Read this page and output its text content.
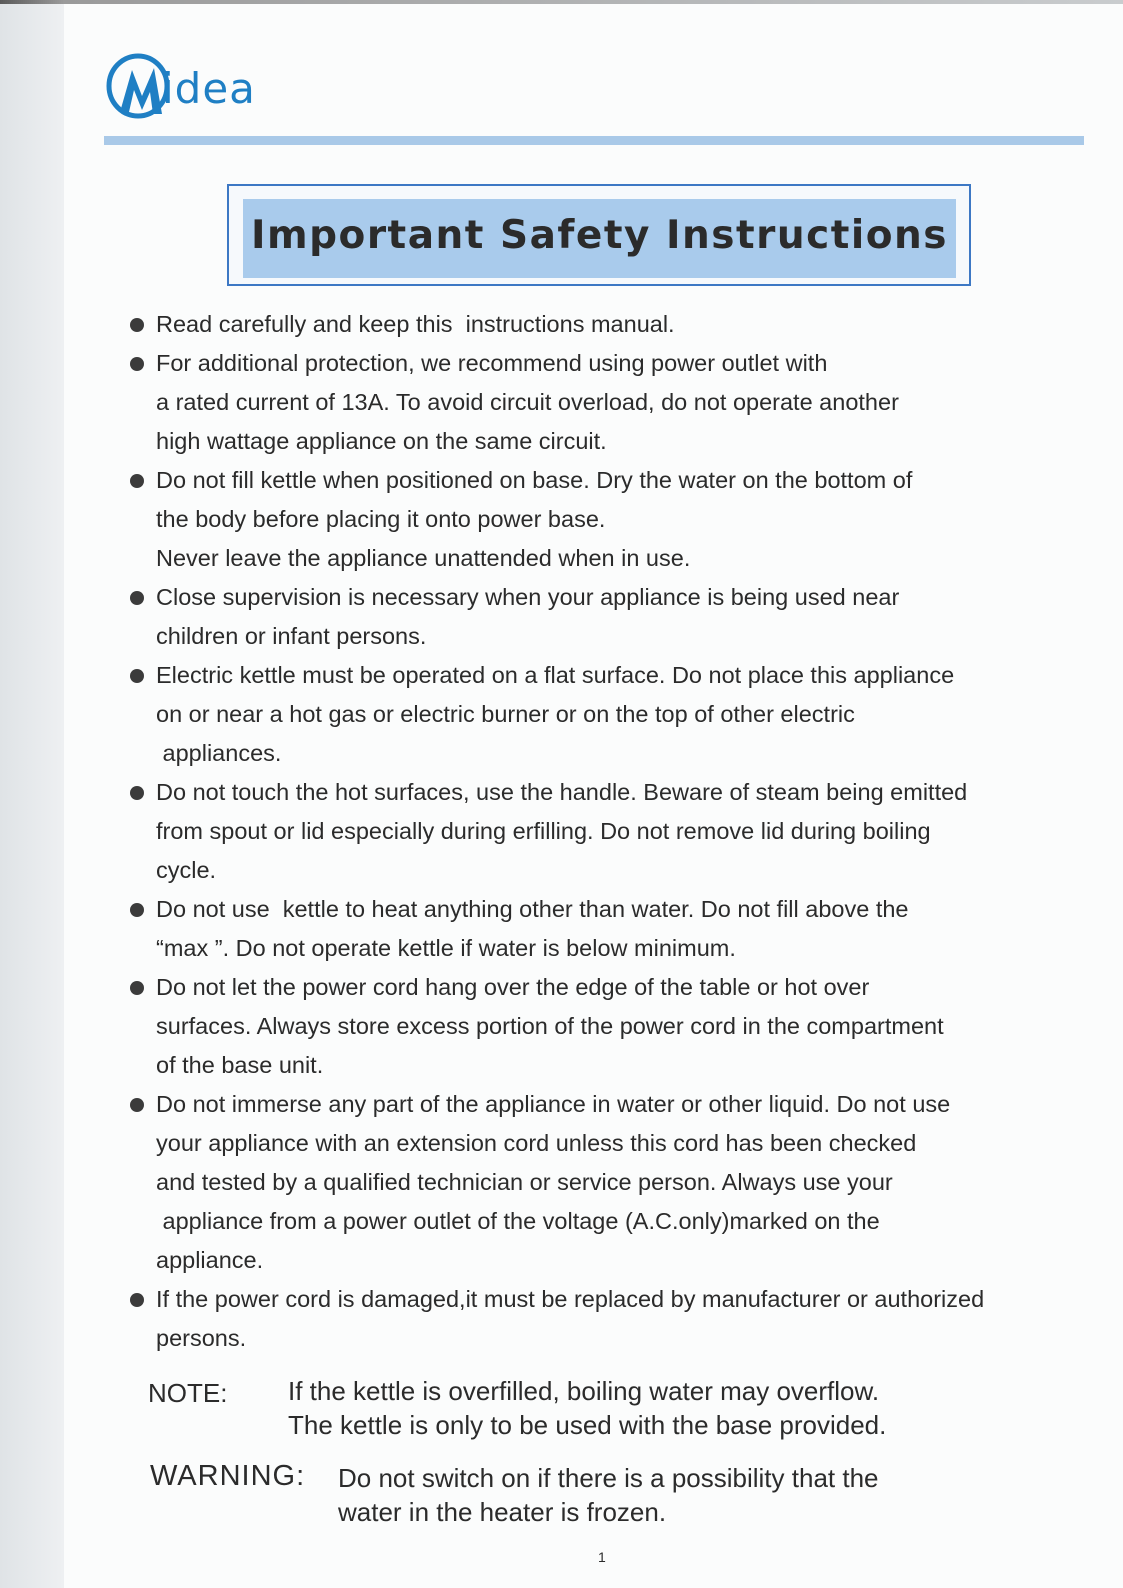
idea
Important Safety Instructions
Read carefully and keep this  instructions manual.
For additional protection, we recommend using power outlet with
a rated current of 13A. To avoid circuit overload, do not operate another
high wattage appliance on the same circuit.
Do not fill kettle when positioned on base. Dry the water on the bottom of
the body before placing it onto power base.
Never leave the appliance unattended when in use.
Close supervision is necessary when your appliance is being used near
children or infant persons.
Electric kettle must be operated on a flat surface. Do not place this appliance
on or near a hot gas or electric burner or on the top of other electric
appliances.
Do not touch the hot surfaces, use the handle. Beware of steam being emitted
from spout or lid especially during erfilling. Do not remove lid during boiling
cycle.
Do not use  kettle to heat anything other than water. Do not fill above the
“max ”. Do not operate kettle if water is below minimum.
Do not let the power cord hang over the edge of the table or hot over
surfaces. Always store excess portion of the power cord in the compartment
of the base unit.
Do not immerse any part of the appliance in water or other liquid. Do not use
your appliance with an extension cord unless this cord has been checked
and tested by a qualified technician or service person. Always use your
appliance from a power outlet of the voltage (A.C.only)marked on the
appliance.
If the power cord is damaged,it must be replaced by manufacturer or authorized
persons.
NOTE: If the kettle is overfilled, boiling water may overflow.
The kettle is only to be used with the base provided.
WARNING: Do not switch on if there is a possibility that the
water in the heater is frozen.
1
